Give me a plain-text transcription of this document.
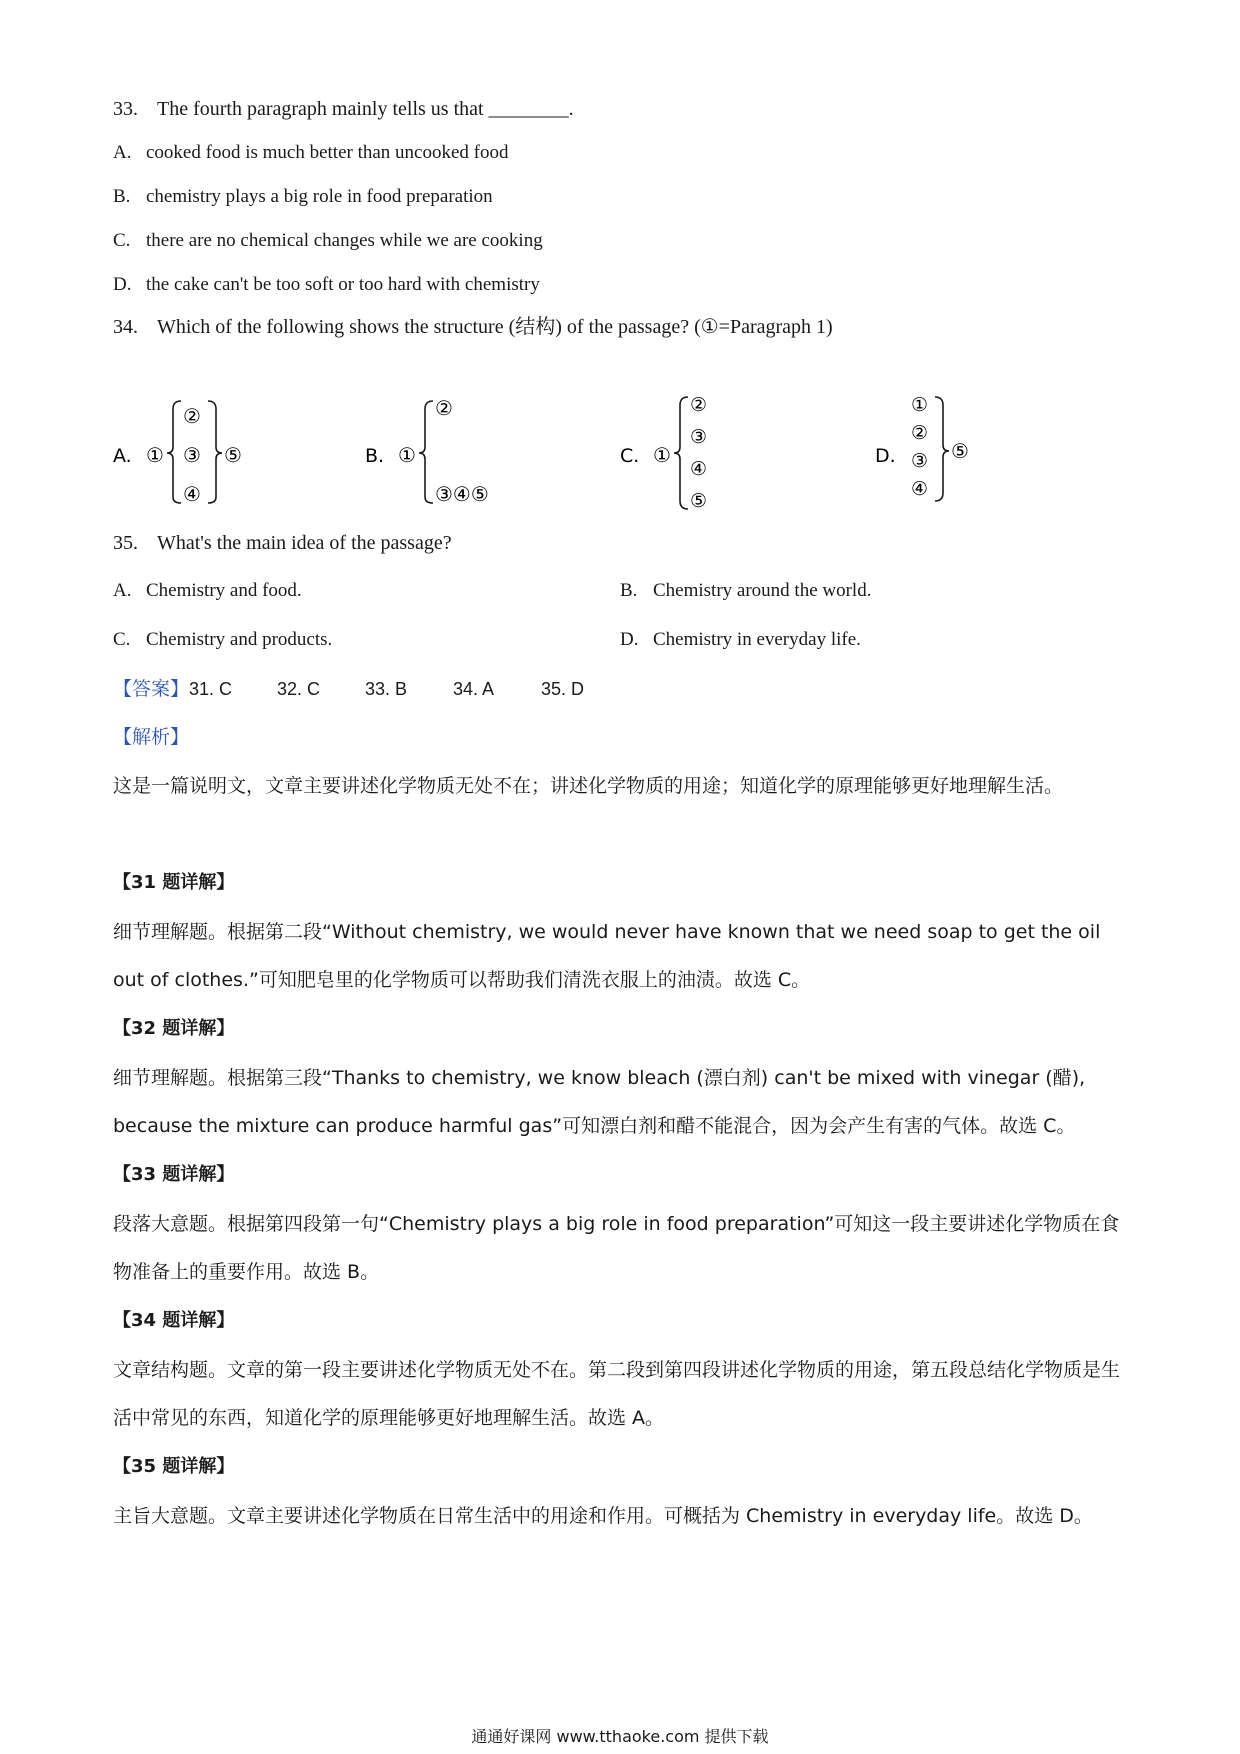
33. The fourth paragraph mainly tells us that ________.
A. cooked food is much better than uncooked food
B. chemistry plays a big role in food preparation
C. there are no chemical changes while we are cooking
D. the cake can't be too soft or too hard with chemistry
34. Which of the following shows the structure (结构) of the passage? (①=Paragraph 1)
A. ①
②
③
④
⑤	B. ①
②
③④⑤
C. ①
②
③
④
⑤
D.
①
②
③
④
⑤
35. What's the main idea of the passage?
A. Chemistry and food.	B. Chemistry around the world.
C. Chemistry and products.	D. Chemistry in everyday life.
【答案】31. C 32. C 33. B	34. A	35. D
【解析】
这是一篇说明文，文章主要讲述化学物质无处不在；讲述化学物质的用途；知道化学的原理能够更好地理解生活。
【31 题详解】
细节理解题。根据第二段“Without chemistry, we would never have known that we need soap to get the oil out of clothes.”可知肥皂里的化学物质可以帮助我们清洗衣服上的油渍。故选 C。
【32 题详解】
细节理解题。根据第三段“Thanks to chemistry, we know bleach (漂白剂) can't be mixed with vinegar (醋), because the mixture can produce harmful gas”可知漂白剂和醋不能混合，因为会产生有害的气体。故选 C。
【33 题详解】
段落大意题。根据第四段第一句“Chemistry plays a big role in food preparation”可知这一段主要讲述化学物质在食物准备上的重要作用。故选 B。
【34 题详解】
文章结构题。文章的第一段主要讲述化学物质无处不在。第二段到第四段讲述化学物质的用途，第五段总结化学物质是生活中常见的东西，知道化学的原理能够更好地理解生活。故选 A。
【35 题详解】
主旨大意题。文章主要讲述化学物质在日常生活中的用途和作用。可概括为 Chemistry in everyday life。故选 D。
通通好课网 www.tthaoke.com 提供下载
